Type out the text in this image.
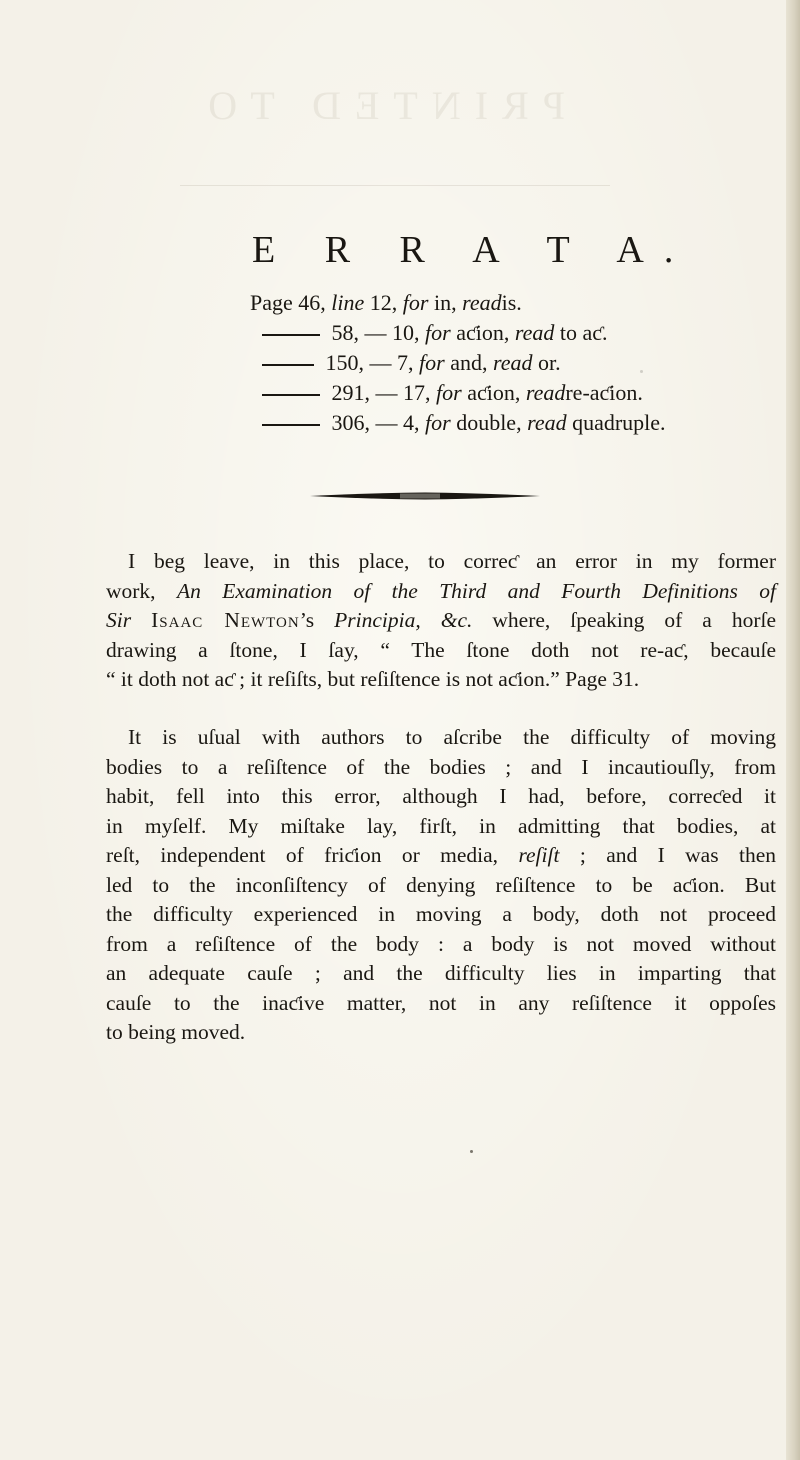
PRINTED TO
E R R A T A.
Page 46, line 12, for in, readis.
58, — 10, for aƈion, read to aƈ.
150, — 7, for and, read or.
291, — 17, for aƈion, readre-aƈion.
306, — 4, for double, read quadruple.
I beg leave, in this place, to correƈ an error in my former
work, An Examination of the Third and Fourth Definitions of
Sir Isaac Newton’s Principia, &c. where, ſpeaking of a horſe
drawing a ſtone, I ſay, “ The ſtone doth not re-aƈ, becauſe
“ it doth not aƈ ; it reſiſts, but reſiſtence is not aƈion.” Page 31.
It is uſual with authors to aſcribe the difficulty of moving
bodies to a reſiſtence of the bodies ; and I incautiouſly, from
habit, fell into this error, although I had, before, correƈed it
in myſelf. My miſtake lay, firſt, in admitting that bodies, at
reſt, independent of friƈion or media, reſiſt ; and I was then
led to the inconſiſtency of denying reſiſtence to be aƈion. But
the difficulty experienced in moving a body, doth not proceed
from a reſiſtence of the body : a body is not moved without
an adequate cauſe ; and the difficulty lies in imparting that
cauſe to the inaƈive matter, not in any reſiſtence it oppoſes
to being moved.
